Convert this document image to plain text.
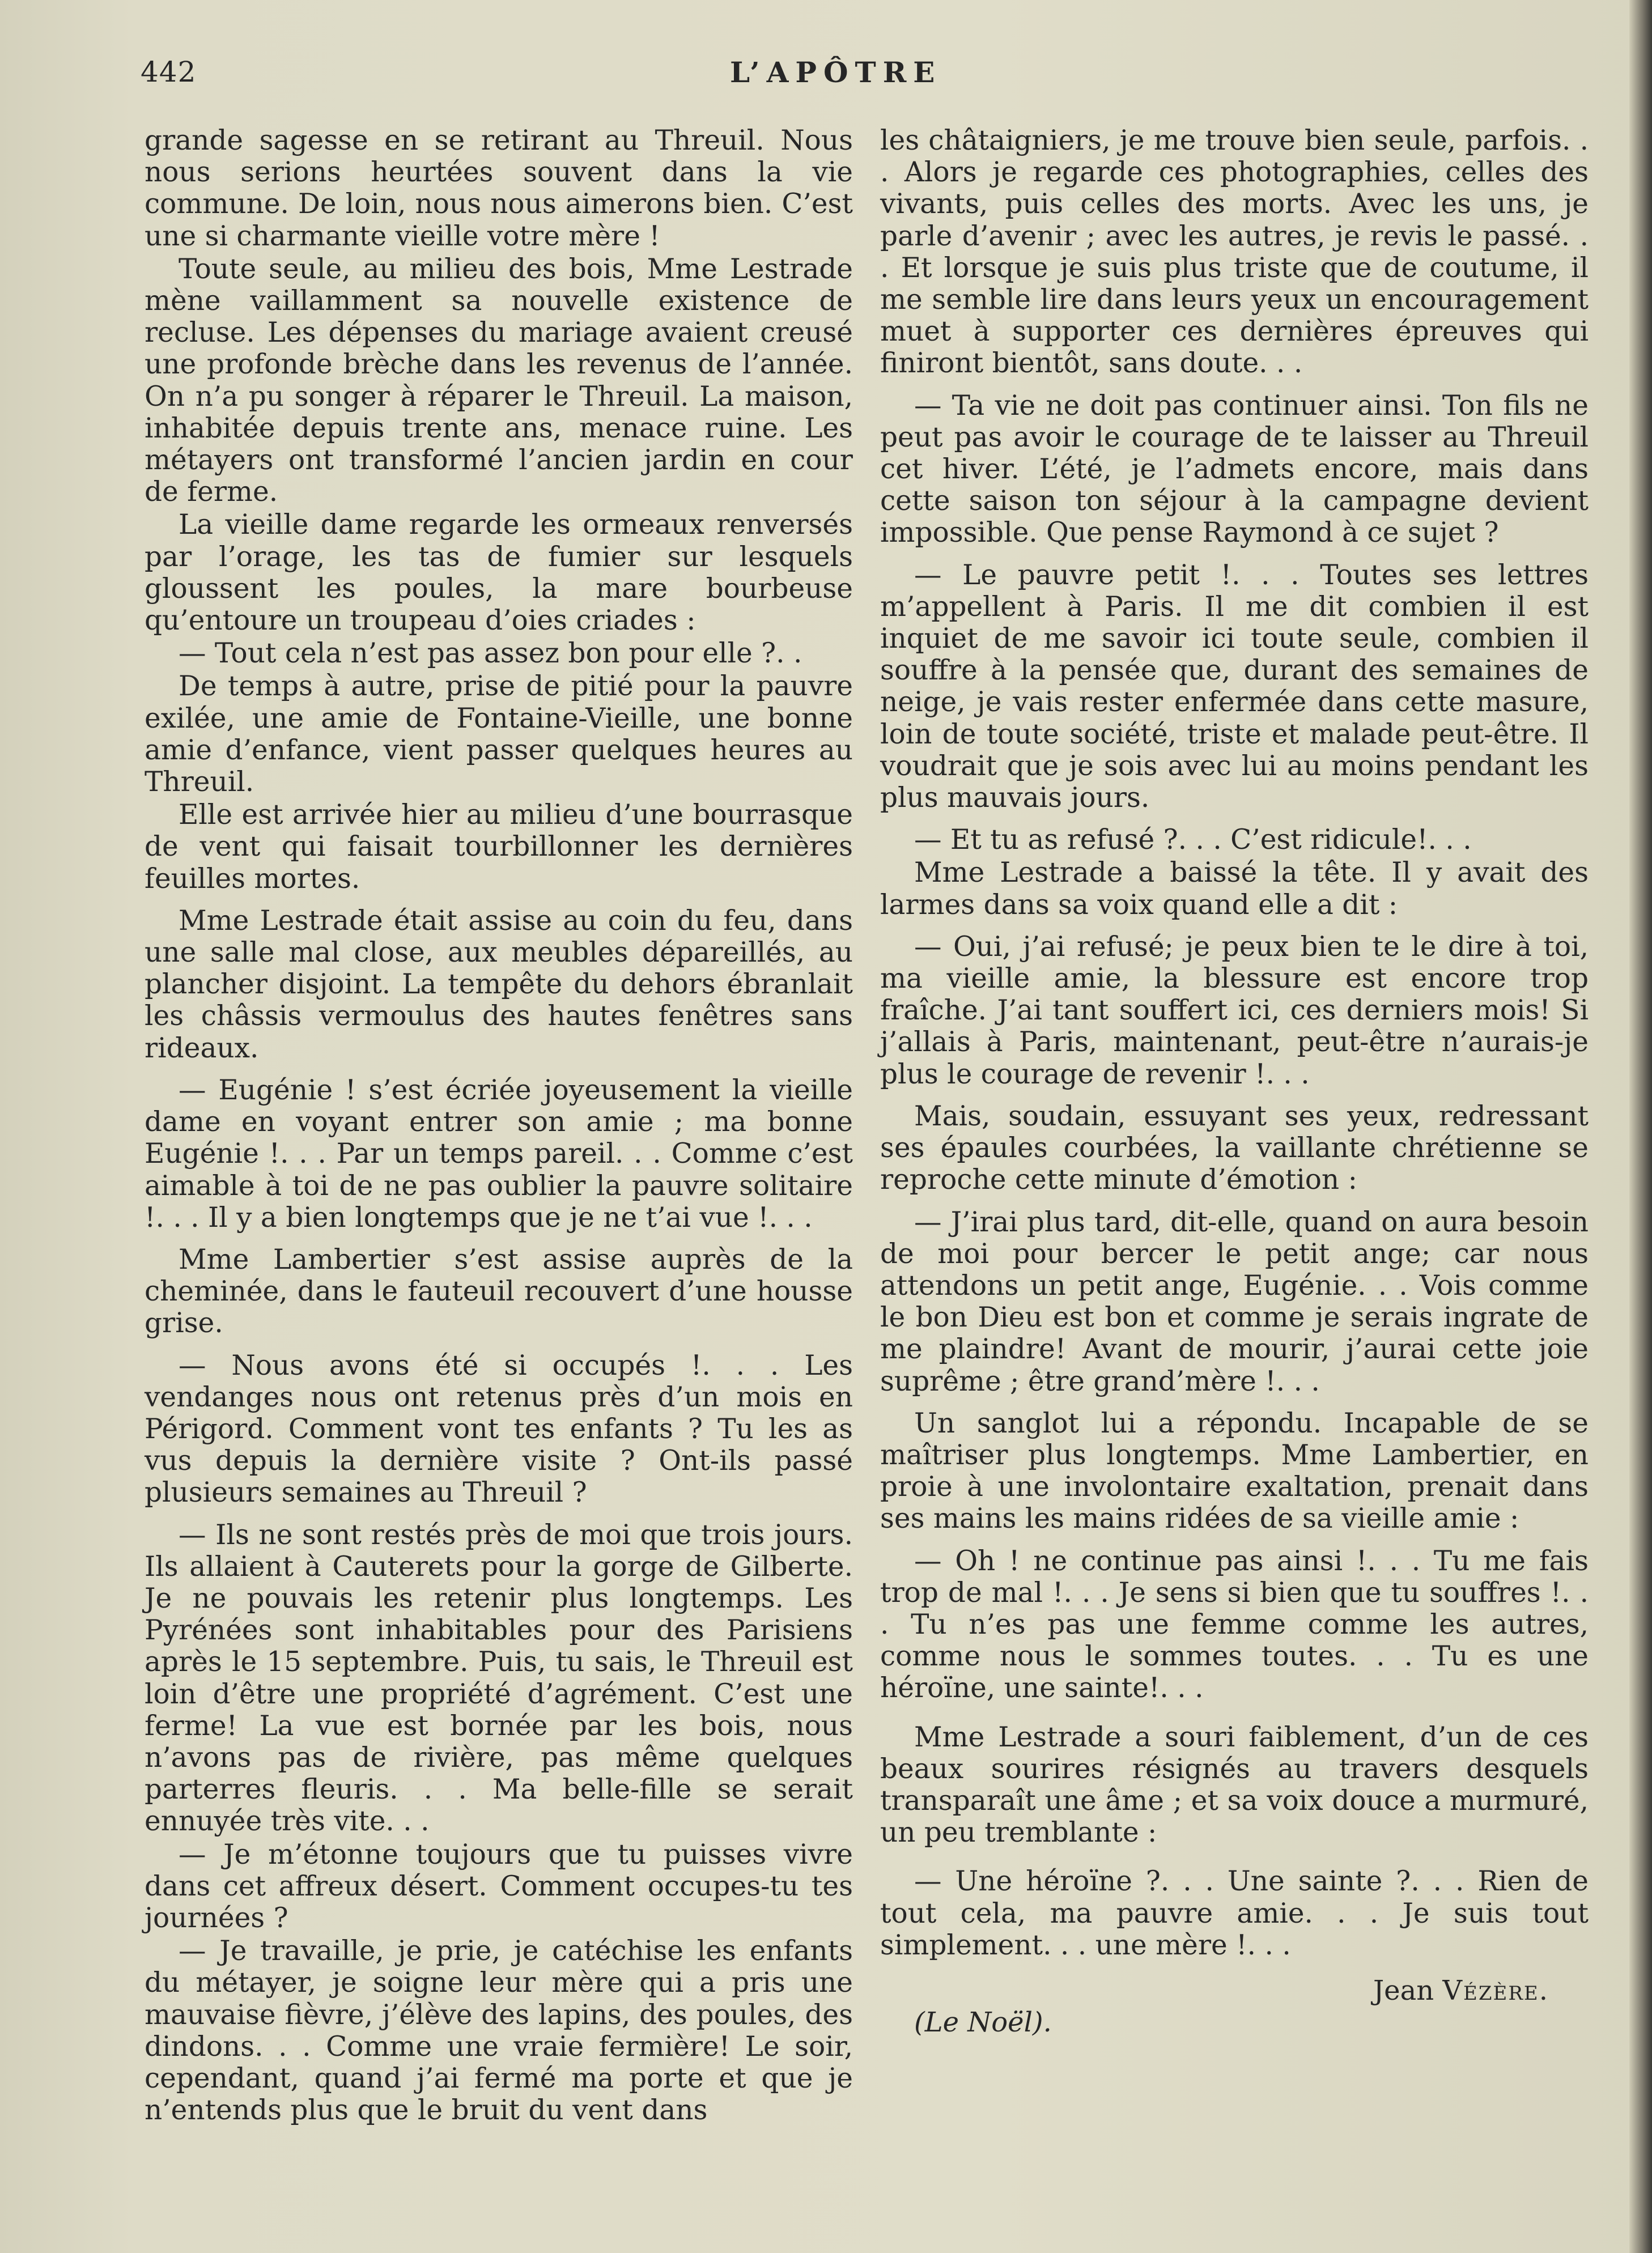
442	L’APÔTRE

grande sagesse en se retirant au Threuil. Nous nous serions heurtées souvent dans la vie commune. De loin, nous nous aimerons bien. C’est une si charmante vieille votre mère !

Toute seule, au milieu des bois, Mme Lestrade mène vaillamment sa nouvelle existence de recluse. Les dépenses du mariage avaient creusé une profonde brèche dans les revenus de l’année. On n’a pu songer à réparer le Threuil. La maison, inhabitée depuis trente ans, menace ruine. Les métayers ont transformé l’ancien jardin en cour de ferme.

La vieille dame regarde les ormeaux renversés par l’orage, les tas de fumier sur lesquels gloussent les poules, la mare bourbeuse qu’entoure un troupeau d’oies criades :

— Tout cela n’est pas assez bon pour elle ?. .

De temps à autre, prise de pitié pour la pauvre exilée, une amie de Fontaine-Vieille, une bonne amie d’enfance, vient passer quelques heures au Threuil.

Elle est arrivée hier au milieu d’une bourrasque de vent qui faisait tourbillonner les dernières feuilles mortes.

Mme Lestrade était assise au coin du feu, dans une salle mal close, aux meubles dépareillés, au plancher disjoint. La tempête du dehors ébranlait les châssis vermoulus des hautes fenêtres sans rideaux.

— Eugénie ! s’est écriée joyeusement la vieille dame en voyant entrer son amie ; ma bonne Eugénie !. . . Par un temps pareil. . . Comme c’est aimable à toi de ne pas oublier la pauvre solitaire !. . . Il y a bien longtemps que je ne t’ai vue !. . .

Mme Lambertier s’est assise auprès de la cheminée, dans le fauteuil recouvert d’une housse grise.

— Nous avons été si occupés !. . . Les vendanges nous ont retenus près d’un mois en Périgord. Comment vont tes enfants ? Tu les as vus depuis la dernière visite ? Ont-ils passé plusieurs semaines au Threuil ?

— Ils ne sont restés près de moi que trois jours. Ils allaient à Cauterets pour la gorge de Gilberte. Je ne pouvais les retenir plus longtemps. Les Pyrénées sont inhabitables pour des Parisiens après le 15 septembre. Puis, tu sais, le Threuil est loin d’être une propriété d’agrément. C’est une ferme! La vue est bornée par les bois, nous n’avons pas de rivière, pas même quelques parterres fleuris. . . Ma belle-fille se serait ennuyée très vite. . .

— Je m’étonne toujours que tu puisses vivre dans cet affreux désert. Comment occupes-tu tes journées ?

— Je travaille, je prie, je catéchise les enfants du métayer, je soigne leur mère qui a pris une mauvaise fièvre, j’élève des lapins, des poules, des dindons. . . Comme une vraie fermière! Le soir, cependant, quand j’ai fermé ma porte et que je n’entends plus que le bruit du vent dans

les châtaigniers, je me trouve bien seule, parfois. . . Alors je regarde ces photographies, celles des vivants, puis celles des morts. Avec les uns, je parle d’avenir ; avec les autres, je revis le passé. . . Et lorsque je suis plus triste que de coutume, il me semble lire dans leurs yeux un encouragement muet à supporter ces dernières épreuves qui finiront bientôt, sans doute. . .

— Ta vie ne doit pas continuer ainsi. Ton fils ne peut pas avoir le courage de te laisser au Threuil cet hiver. L’été, je l’admets encore, mais dans cette saison ton séjour à la campagne devient impossible. Que pense Raymond à ce sujet ?

— Le pauvre petit !. . . Toutes ses lettres m’appellent à Paris. Il me dit combien il est inquiet de me savoir ici toute seule, combien il souffre à la pensée que, durant des semaines de neige, je vais rester enfermée dans cette masure, loin de toute société, triste et malade peut-être. Il voudrait que je sois avec lui au moins pendant les plus mauvais jours.

— Et tu as refusé ?. . . C’est ridicule!. . .

Mme Lestrade a baissé la tête. Il y avait des larmes dans sa voix quand elle a dit :

— Oui, j’ai refusé; je peux bien te le dire à toi, ma vieille amie, la blessure est encore trop fraîche. J’ai tant souffert ici, ces derniers mois! Si j’allais à Paris, maintenant, peut-être n’aurais-je plus le courage de revenir !. . .

Mais, soudain, essuyant ses yeux, redressant ses épaules courbées, la vaillante chrétienne se reproche cette minute d’émotion :

— J’irai plus tard, dit-elle, quand on aura besoin de moi pour bercer le petit ange; car nous attendons un petit ange, Eugénie. . . Vois comme le bon Dieu est bon et comme je serais ingrate de me plaindre! Avant de mourir, j’aurai cette joie suprême ; être grand’mère !. . .

Un sanglot lui a répondu. Incapable de se maîtriser plus longtemps. Mme Lambertier, en proie à une involontaire exaltation, prenait dans ses mains les mains ridées de sa vieille amie :

— Oh ! ne continue pas ainsi !. . . Tu me fais trop de mal !. . . Je sens si bien que tu souffres !. . . Tu n’es pas une femme comme les autres, comme nous le sommes toutes. . . Tu es une héroïne, une sainte!. . .

Mme Lestrade a souri faiblement, d’un de ces beaux sourires résignés au travers desquels transparaît une âme ; et sa voix douce a murmuré, un peu tremblante :

— Une héroïne ?. . . Une sainte ?. . . Rien de tout cela, ma pauvre amie. . . Je suis tout simplement. . . une mère !. . .

Jean Vézère.

(Le Noël).
